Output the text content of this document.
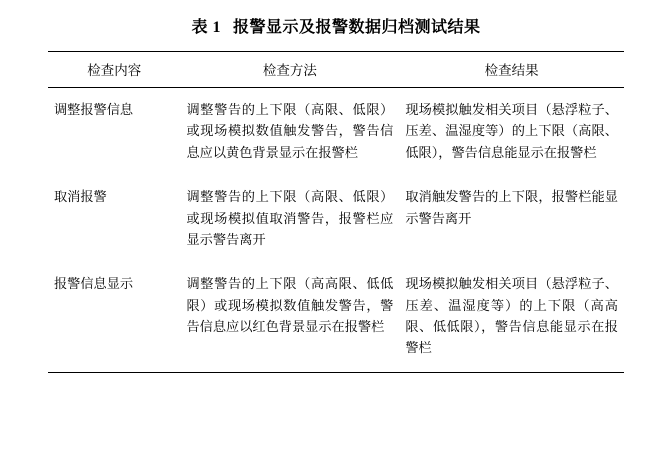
表 1 报警显示及报警数据归档测试结果
检查内容	检查方法	检查结果
调整报警信息	调整警告的上下限（高限、低限）或现场模拟数值触发警告，警告信息应以黄色背景显示在报警栏	现场模拟触发相关项目（悬浮粒子、压差、温湿度等）的上下限（高限、低限），警告信息能显示在报警栏
取消报警	调整警告的上下限（高限、低限）或现场模拟值取消警告，报警栏应显示警告离开	取消触发警告的上下限，报警栏能显示警告离开
报警信息显示	调整警告的上下限（高高限、低低限）或现场模拟数值触发警告，警告信息应以红色背景显示在报警栏	现场模拟触发相关项目（悬浮粒子、压差、温湿度等）的上下限（高高限、低低限），警告信息能显示在报警栏
